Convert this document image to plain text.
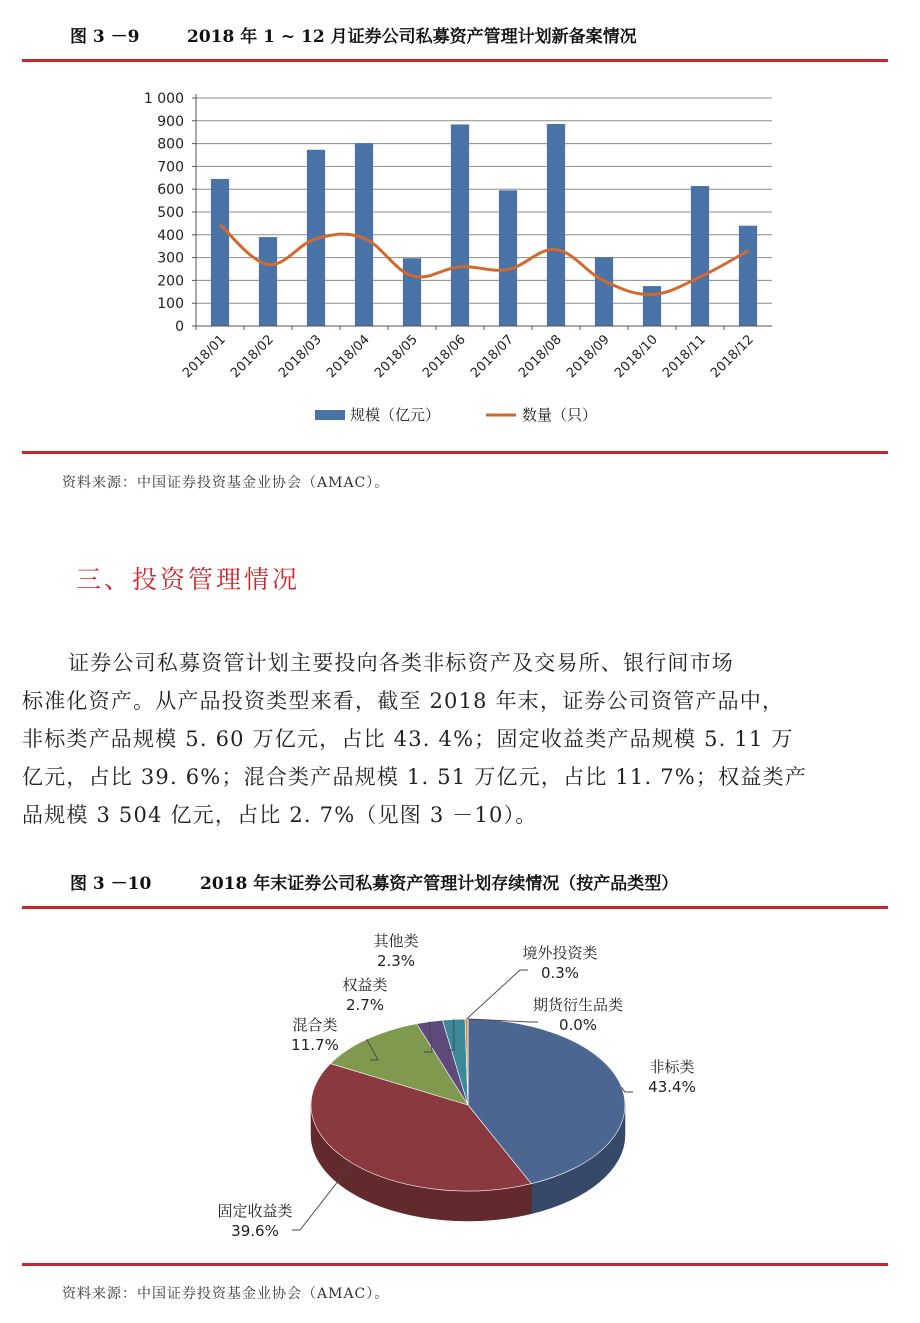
图 3 －9	2018 年 1 ~ 12 月证券公司私募资产管理计划新备案情况
0
100
200
300
400
500
600
700
800
900
1 000
2018/01 2018/02 2018/03 2018/04 2018/05 2018/06 2018/07 2018/08 2018/09 2018/10 2018/11 2018/12
规模（亿元）	数量（只）
资料来源：中国证券投资基金业协会（AMAC）。
三、投资管理情况
证券公司私募资管计划主要投向各类非标资产及交易所、银行间市场
标准化资产。从产品投资类型来看，截至 2018 年末，证券公司资管产品中，
非标类产品规模 5. 60 万亿元，占比 43. 4%；固定收益类产品规模 5. 11 万
亿元，占比 39. 6%；混合类产品规模 1. 51 万亿元，占比 11. 7%；权益类产
品规模 3 504 亿元，占比 2. 7%（见图 3 －10）。
图 3 －10	2018 年末证券公司私募资产管理计划存续情况（按产品类型）
非标类
43.4%
固定收益类
39.6%
混合类
11.7%
权益类
2.7%
其他类
2.3%	境外投资类
0.3%
期货衍生品类
0.0%
资料来源：中国证券投资基金业协会（AMAC）。
